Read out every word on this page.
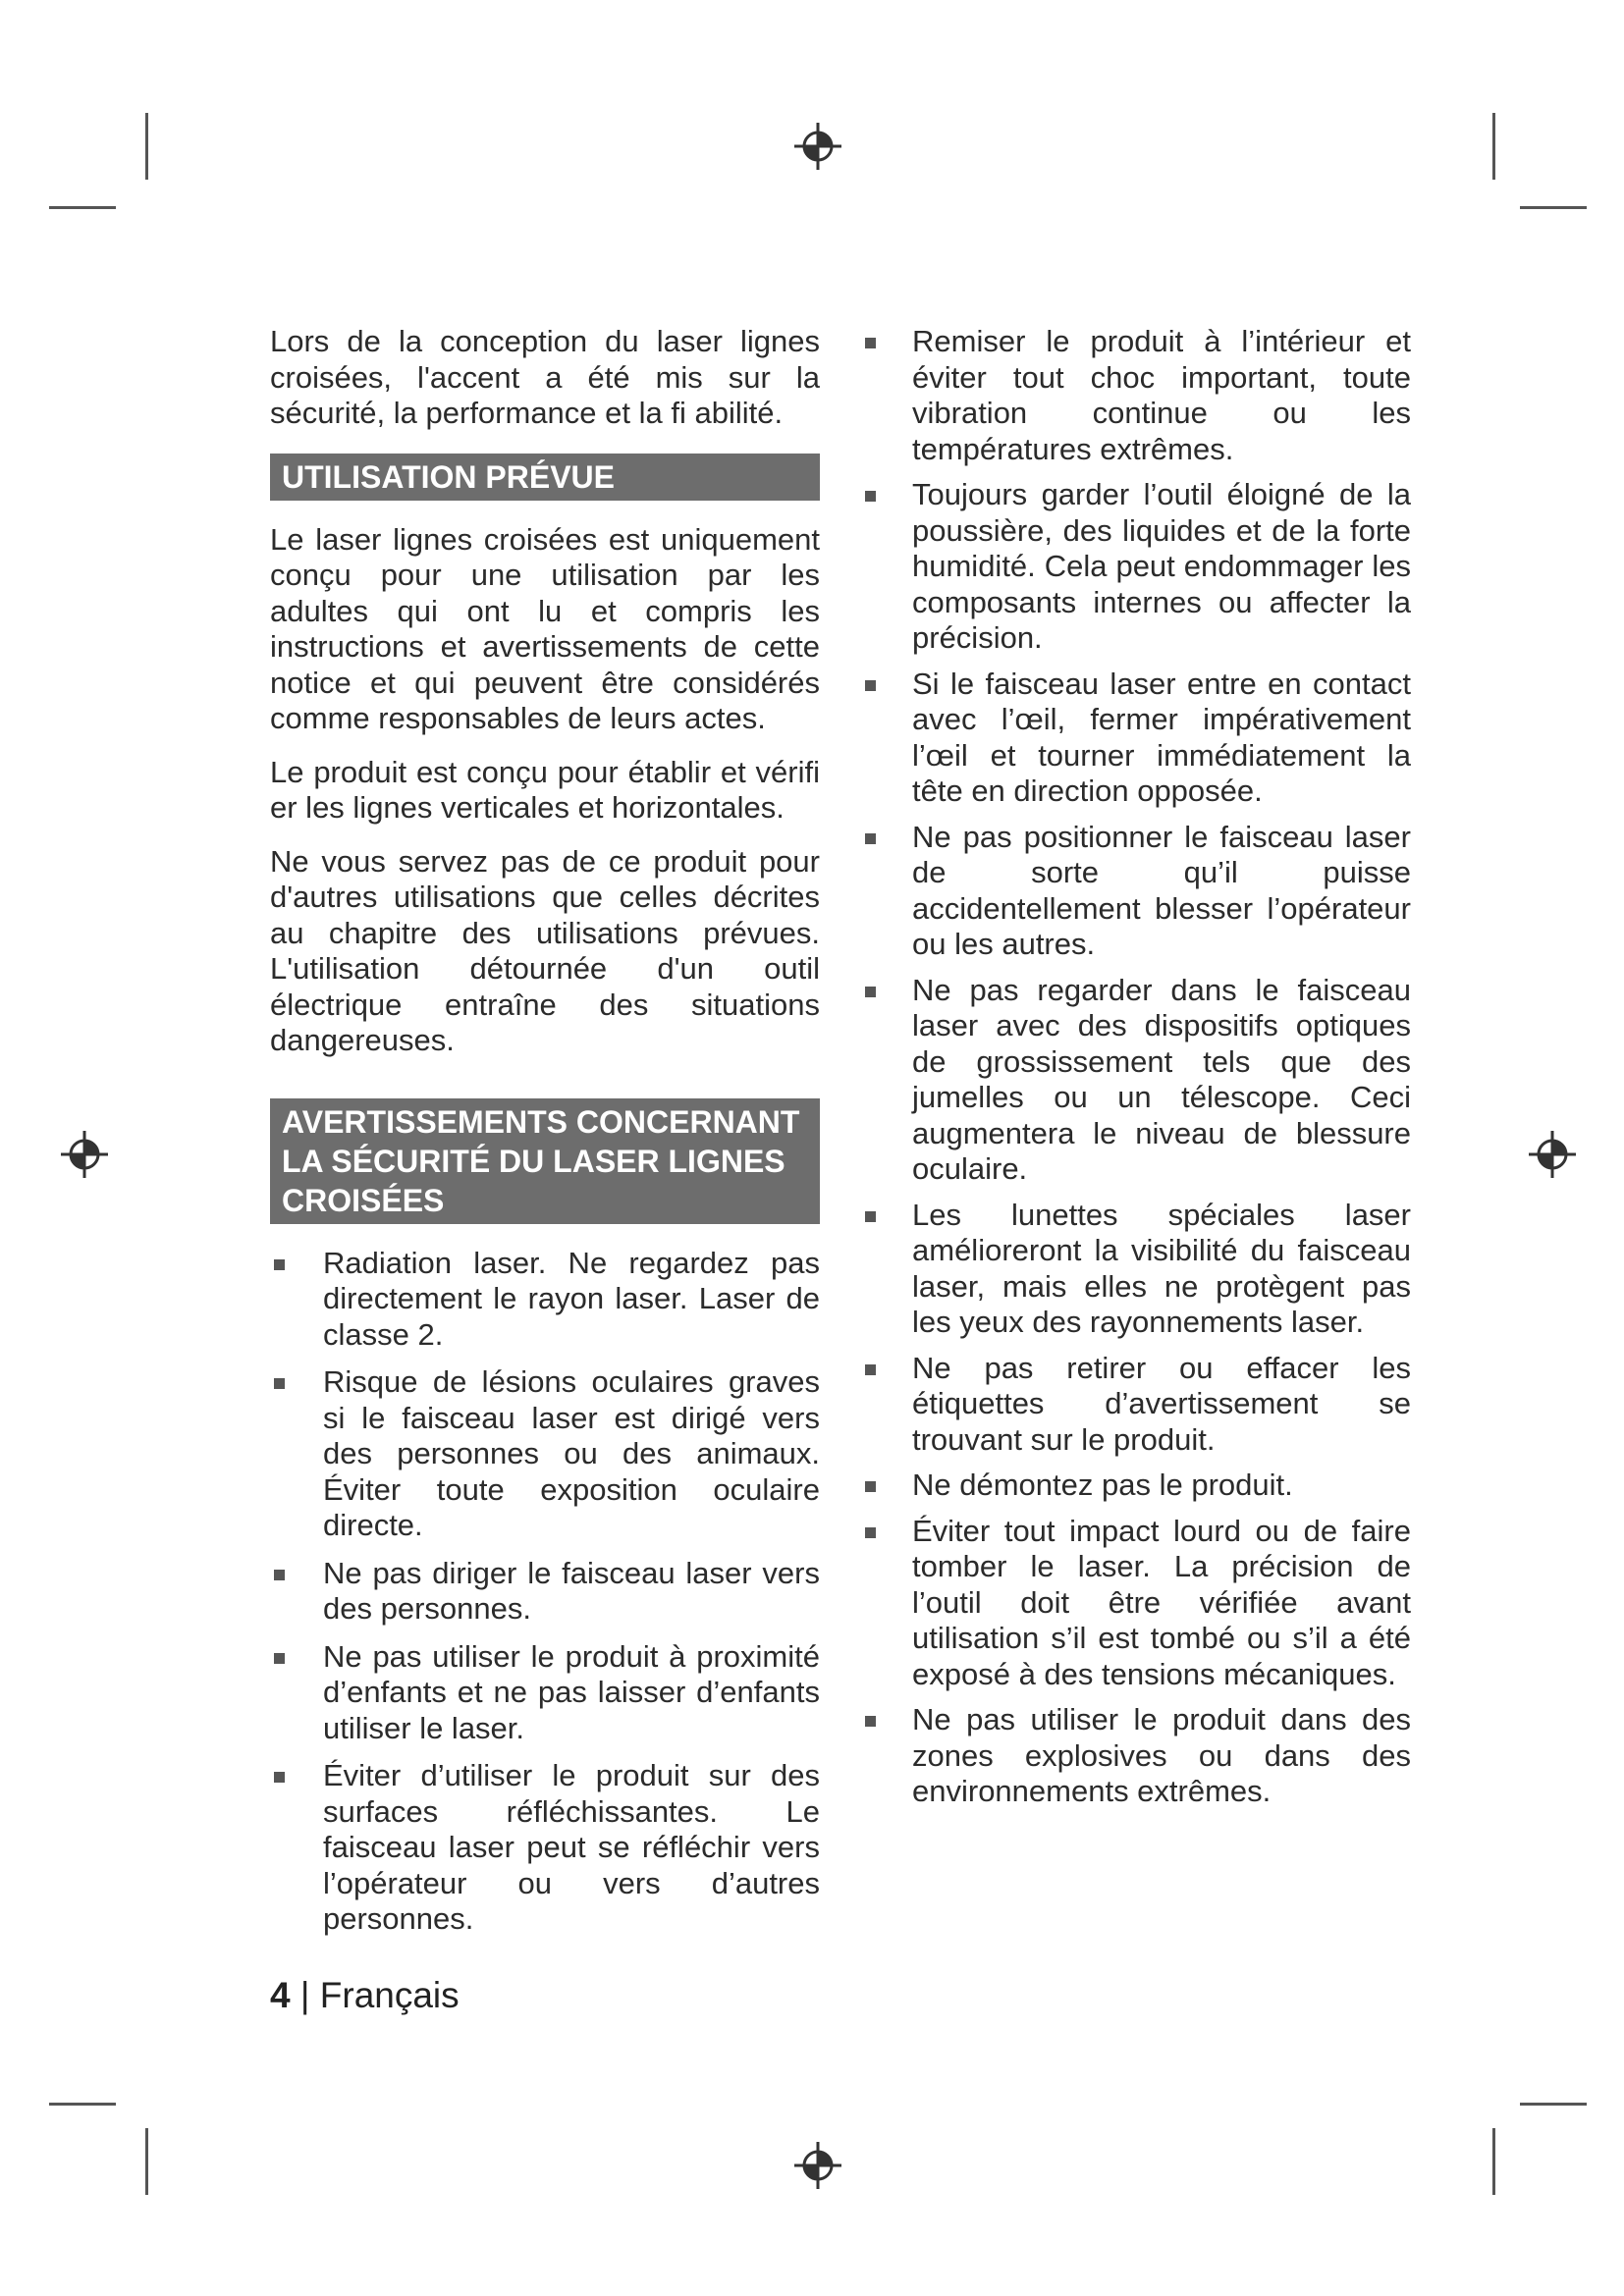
Lors de la conception du laser lignes croisées, l'accent a été mis sur la sécurité, la performance et la fi abilité.

UTILISATION PRÉVUE

Le laser lignes croisées est uniquement conçu pour une utilisation par les adultes qui ont lu et compris les instructions et avertissements de cette notice et qui peuvent être considérés comme responsables de leurs actes.

Le produit est conçu pour établir et vérifi er les lignes verticales et horizontales.

Ne vous servez pas de ce produit pour d'autres utilisations que celles décrites au chapitre des utilisations prévues. L'utilisation détournée d'un outil électrique entraîne des situations dangereuses.

AVERTISSEMENTS CONCERNANT LA SÉCURITÉ DU LASER LIGNES CROISÉES
Radiation laser. Ne regardez pas directement le rayon laser. Laser de classe 2.
Risque de lésions oculaires graves si le faisceau laser est dirigé vers des personnes ou des animaux. Éviter toute exposition oculaire directe.
Ne pas diriger le faisceau laser vers des personnes.
Ne pas utiliser le produit à proximité d’enfants et ne pas laisser d’enfants utiliser le laser.
Éviter d’utiliser le produit sur des surfaces réfléchissantes. Le faisceau laser peut se réfléchir vers l’opérateur ou vers d’autres personnes.
Remiser le produit à l’intérieur et éviter tout choc important, toute vibration continue ou les températures extrêmes.
Toujours garder l’outil éloigné de la poussière, des liquides et de la forte humidité. Cela peut endommager les composants internes ou affecter la précision.
Si le faisceau laser entre en contact avec l’œil, fermer impérativement l’œil et tourner immédiatement la tête en direction opposée.
Ne pas positionner le faisceau laser de sorte qu’il puisse accidentellement blesser l’opérateur ou les autres.
Ne pas regarder dans le faisceau laser avec des dispositifs optiques de grossissement tels que des jumelles ou un télescope. Ceci augmentera le niveau de blessure oculaire.
Les lunettes spéciales laser amélioreront la visibilité du faisceau laser, mais elles ne protègent pas les yeux des rayonnements laser.
Ne pas retirer ou effacer les étiquettes d’avertissement se trouvant sur le produit.
Ne démontez pas le produit.
Éviter tout impact lourd ou de faire tomber le laser. La précision de l’outil doit être vérifiée avant utilisation s’il est tombé ou s’il a été exposé à des tensions mécaniques.
Ne pas utiliser le produit dans des zones explosives ou dans des environnements extrêmes.
4 | Français
